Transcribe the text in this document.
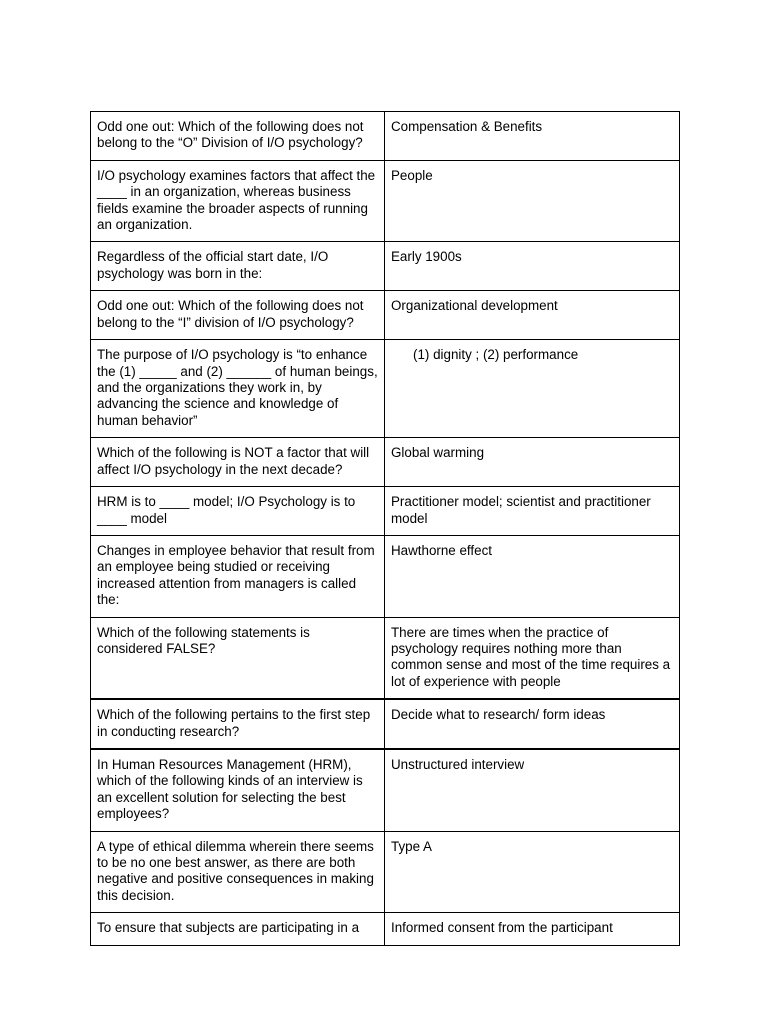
Odd one out: Which of the following does not belong to the “O” Division of I/O psychology?	Compensation & Benefits
I/O psychology examines factors that affect the ____ in an organization, whereas business fields examine the broader aspects of running an organization.	People
Regardless of the official start date, I/O psychology was born in the:	Early 1900s
Odd one out: Which of the following does not belong to the “I” division of I/O psychology?	Organizational development
The purpose of I/O psychology is “to enhance the (1) _____ and (2) ______ of human beings, and the organizations they work in, by advancing the science and knowledge of human behavior”	(1) dignity ; (2) performance
Which of the following is NOT a factor that will affect I/O psychology in the next decade?	Global warming
HRM is to ____ model; I/O Psychology is to ____ model	Practitioner model; scientist and practitioner model
Changes in employee behavior that result from an employee being studied or receiving increased attention from managers is called the:	Hawthorne effect
Which of the following statements is considered FALSE?	There are times when the practice of psychology requires nothing more than common sense and most of the time requires a lot of experience with people
Which of the following pertains to the first step in conducting research?	Decide what to research/ form ideas
In Human Resources Management (HRM), which of the following kinds of an interview is an excellent solution for selecting the best employees?	Unstructured interview
A type of ethical dilemma wherein there seems to be no one best answer, as there are both negative and positive consequences in making this decision.	Type A
To ensure that subjects are participating in a	Informed consent from the participant
